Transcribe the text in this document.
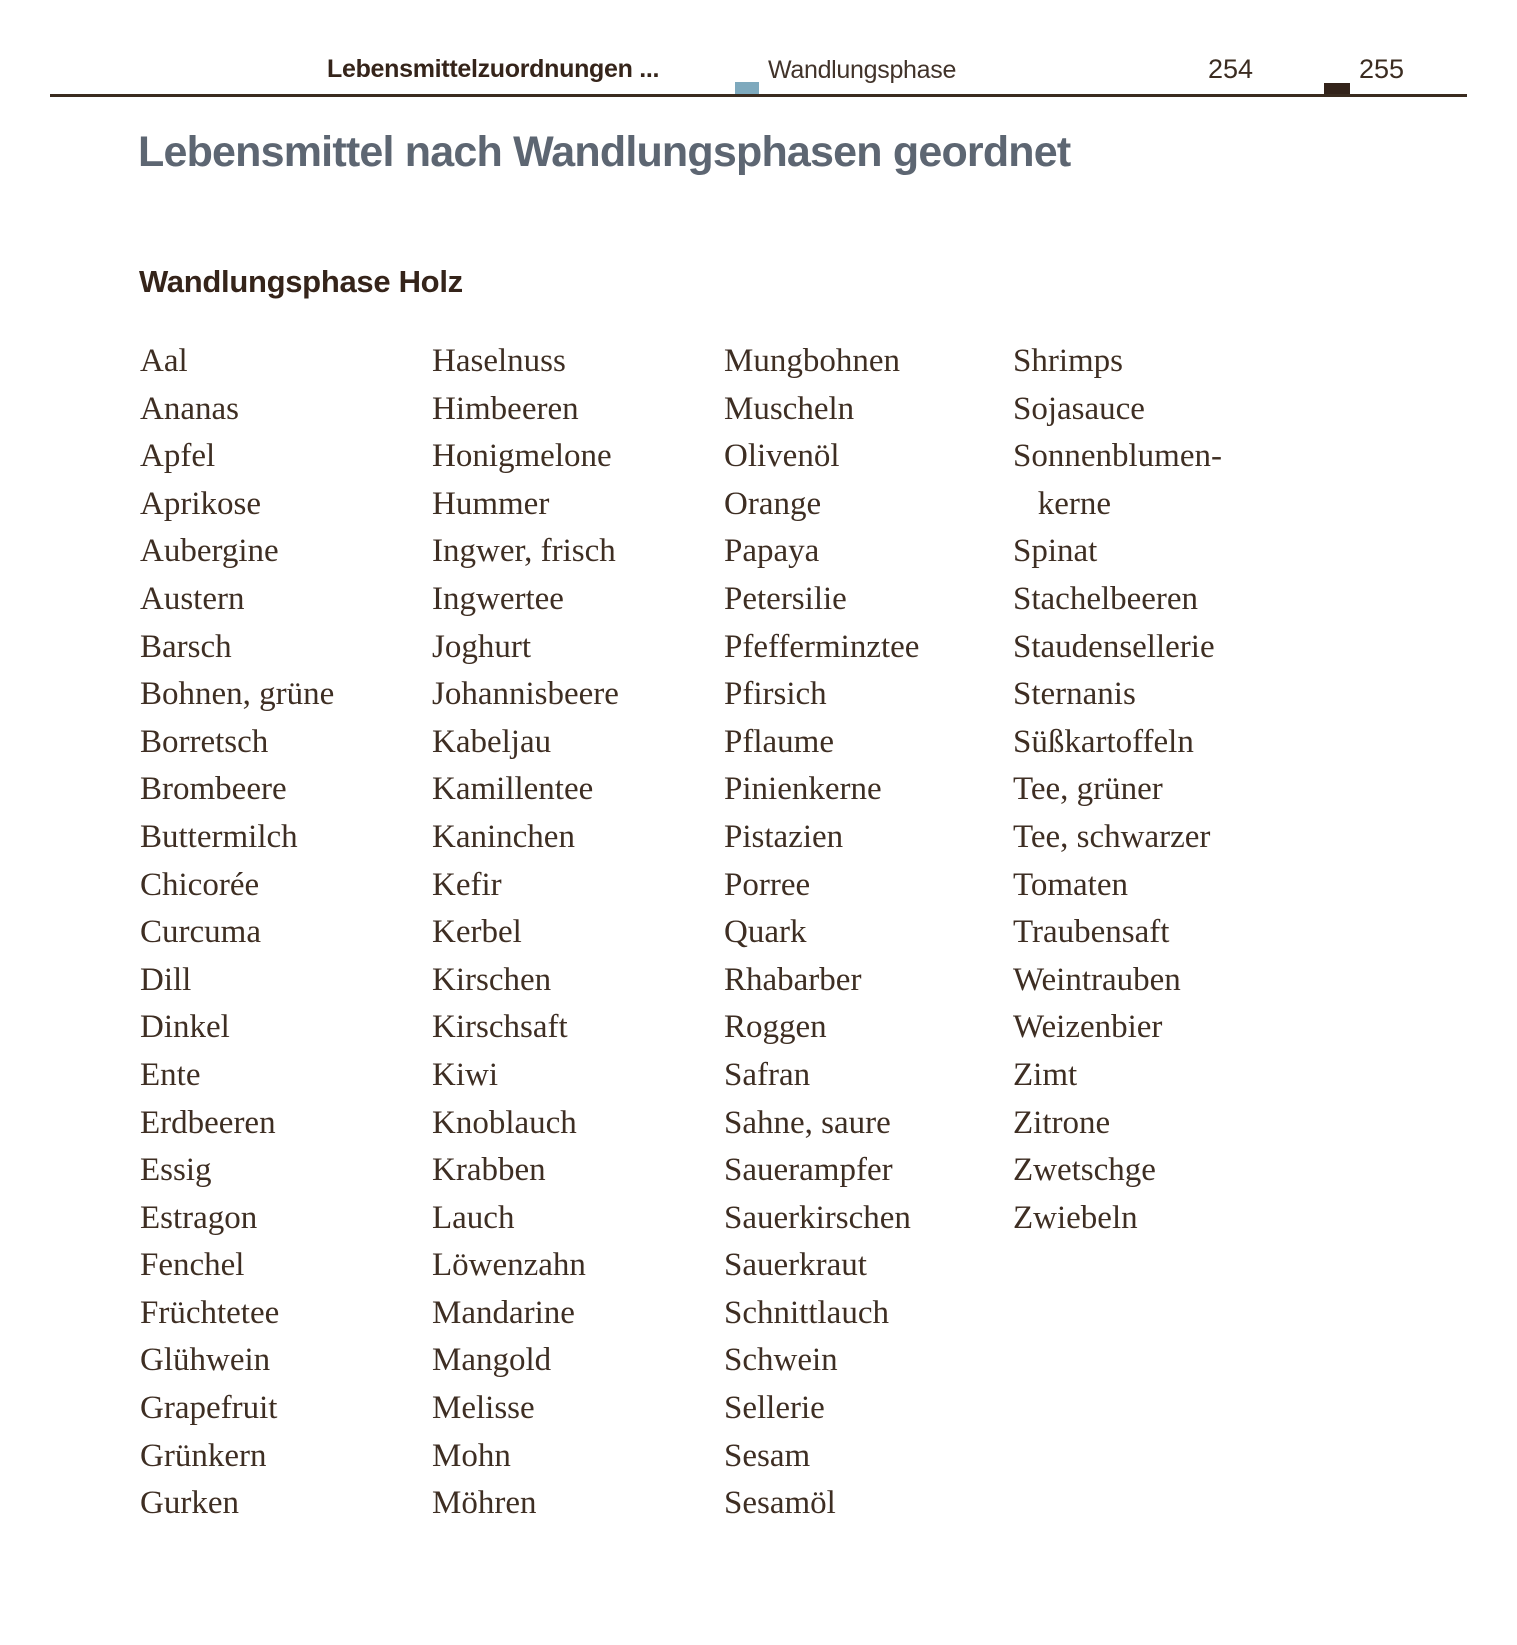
Lebensmittelzuordnungen ...	Wandlungsphase	254	255
Lebensmittel nach Wandlungsphasen geordnet
Wandlungsphase Holz
Aal
Ananas
Apfel
Aprikose
Aubergine
Austern
Barsch
Bohnen, grüne
Borretsch
Brombeere
Buttermilch
Chicorée
Curcuma
Dill
Dinkel
Ente
Erdbeeren
Essig
Estragon
Fenchel
Früchtetee
Glühwein
Grapefruit
Grünkern
Gurken
Haselnuss
Himbeeren
Honigmelone
Hummer
Ingwer, frisch
Ingwertee
Joghurt
Johannisbeere
Kabeljau
Kamillentee
Kaninchen
Kefir
Kerbel
Kirschen
Kirschsaft
Kiwi
Knoblauch
Krabben
Lauch
Löwenzahn
Mandarine
Mangold
Melisse
Mohn
Möhren
Mungbohnen
Muscheln
Olivenöl
Orange
Papaya
Petersilie
Pfefferminztee
Pfirsich
Pflaume
Pinienkerne
Pistazien
Porree
Quark
Rhabarber
Roggen
Safran
Sahne, saure
Sauerampfer
Sauerkirschen
Sauerkraut
Schnittlauch
Schwein
Sellerie
Sesam
Sesamöl
Shrimps
Sojasauce
Sonnenblumen-
kerne
Spinat
Stachelbeeren
Staudensellerie
Sternanis
Süßkartoffeln
Tee, grüner
Tee, schwarzer
Tomaten
Traubensaft
Weintrauben
Weizenbier
Zimt
Zitrone
Zwetschge
Zwiebeln
